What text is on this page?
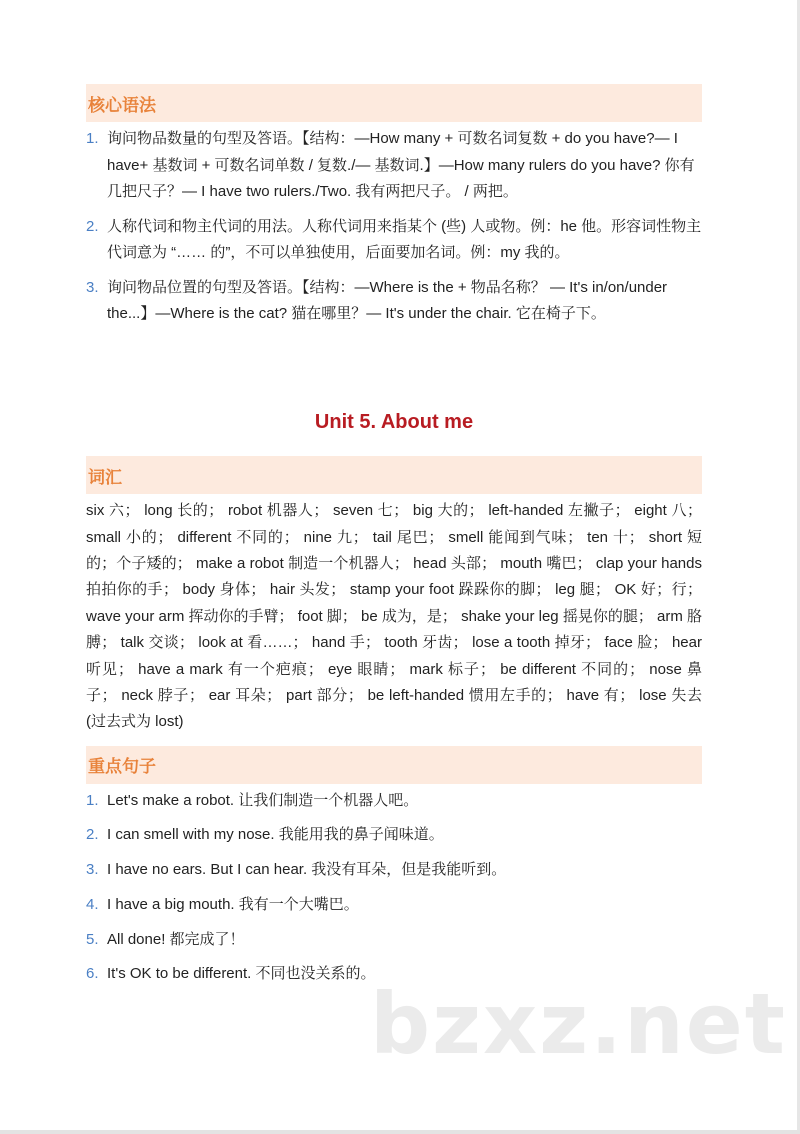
bzxz.net
核心语法
1. 询问物品数量的句型及答语。【结构：—How many + 可数名词复数 + do you have?— I have+ 基数词 + 可数名词单数 / 复数./— 基数词.】—How many rulers do you have? 你有几把尺子？— I have two rulers./Two. 我有两把尺子。 / 两把。
2. 人称代词和物主代词的用法。人称代词用来指某个 (些) 人或物。例：he 他。形容词性物主代词意为 “…… 的”，不可以单独使用，后面要加名词。例：my 我的。
3. 询问物品位置的句型及答语。【结构：—Where is the + 物品名称？ — It's in/on/under the...】—Where is the cat? 猫在哪里？— It's under the chair. 它在椅子下。
Unit 5. About me
词汇

six 六； long 长的； robot 机器人； seven 七； big 大的； left-handed 左撇子； eight 八； small 小的； different 不同的； nine 九； tail 尾巴； smell 能闻到气味； ten 十； short 短的；个子矮的； make a robot 制造一个机器人； head 头部； mouth 嘴巴； clap your hands 拍拍你的手； body 身体； hair 头发； stamp your foot 跺跺你的脚； leg 腿； OK 好；行； wave your arm 挥动你的手臂； foot 脚； be 成为，是； shake your leg 摇晃你的腿； arm 胳膊； talk 交谈； look at 看……； hand 手； tooth 牙齿； lose a tooth 掉牙； face 脸； hear 听见； have a mark 有一个疤痕； eye 眼睛； mark 标子； be different 不同的； nose 鼻子； neck 脖子； ear 耳朵； part 部分； be left-handed 惯用左手的； have 有； lose 失去 (过去式为 lost)

重点句子
1. Let's make a robot. 让我们制造一个机器人吧。
2. I can smell with my nose. 我能用我的鼻子闻味道。
3. I have no ears. But I can hear. 我没有耳朵，但是我能听到。
4. I have a big mouth. 我有一个大嘴巴。
5. All done! 都完成了！
6. It's OK to be different. 不同也没关系的。
